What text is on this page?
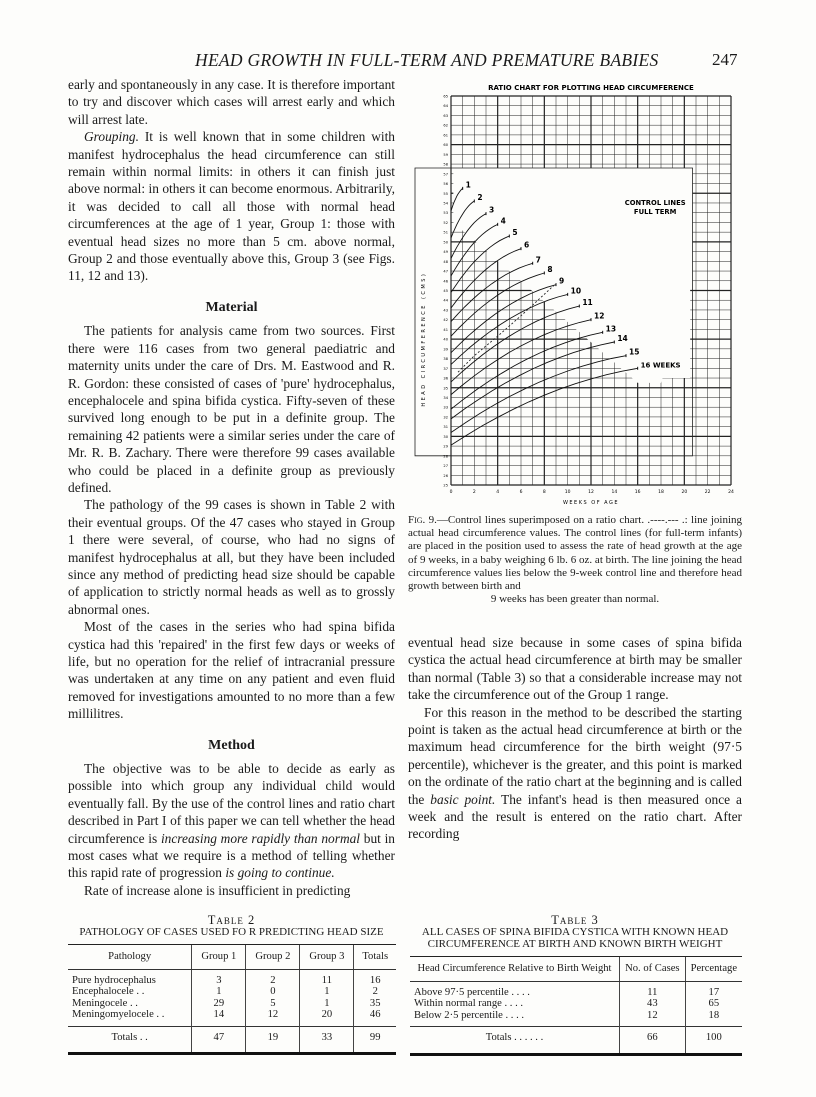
HEAD GROWTH IN FULL-TERM AND PREMATURE BABIES	247

early and spontaneously in any case. It is therefore important to try and discover which cases will arrest early and which will arrest late.

Grouping. It is well known that in some children with manifest hydrocephalus the head circumference can still remain within normal limits: in others it can finish just above normal: in others it can become enormous. Arbitrarily, it was decided to call all those with normal head circumferences at the age of 1 year, Group 1: those with eventual head sizes no more than 5 cm. above normal, Group 2 and those eventually above this, Group 3 (see Figs. 11, 12 and 13).

Material

The patients for analysis came from two sources. First there were 116 cases from two general paediatric and maternity units under the care of Drs. M. Eastwood and R. R. Gordon: these consisted of cases of 'pure' hydrocephalus, encephalocele and spina bifida cystica. Fifty-seven of these survived long enough to be put in a definite group. The remaining 42 patients were a similar series under the care of Mr. R. B. Zachary. There were therefore 99 cases available who could be placed in a definite group as previously defined.

The pathology of the 99 cases is shown in Table 2 with their eventual groups. Of the 47 cases who stayed in Group 1 there were several, of course, who had no signs of manifest hydrocephalus at all, but they have been included since any method of predicting head size should be capable of application to strictly normal heads as well as to grossly abnormal ones.

Most of the cases in the series who had spina bifida cystica had this 'repaired' in the first few days or weeks of life, but no operation for the relief of intracranial pressure was undertaken at any time on any patient and even fluid removed for investigations amounted to no more than a few millilitres.

Method

The objective was to be able to decide as early as possible into which group any individual child would eventually fall. By the use of the control lines and ratio chart described in Part I of this paper we can tell whether the head circumference is increasing more rapidly than normal but in most cases what we require is a method of telling whether this rapid rate of progression is going to continue.

Rate of increase alone is insufficient in predicting

RATIO CHART FOR PLOTTING HEAD CIRCUMFERENCE
0	2	4	6	8	10	12	14	16	18	20	22	24
25
26
27
28
29
30
31
32
33
34
35
36
37
38
39
40
41
42
43
44
45
46
47
48
49
50
51
52
53
54
55
56
57
58
59
60
61
62
63
64
65
WEEKS OF AGE
HEAD CIRCUMFERENCE (CMS)
1
2
3
4
5
6
7
8
9
10
11
12
13
14
15
16 WEEKS
CONTROL LINES
FULL TERM
Fig. 9.—Control lines superimposed on a ratio chart. .----.--- .: line joining actual head circumference values. The control lines (for full-term infants) are placed in the position used to assess the rate of head growth at the age of 9 weeks, in a baby weighing 6 lb. 6 oz. at birth. The line joining the head circumference values lies below the 9-week control line and therefore head growth between birth and
9 weeks has been greater than normal.

eventual head size because in some cases of spina bifida cystica the actual head circumference at birth may be smaller than normal (Table 3) so that a considerable increase may not take the circumference out of the Group 1 range.

For this reason in the method to be described the starting point is taken as the actual head circumference at birth or the maximum head circumference for the birth weight (97·5 percentile), whichever is the greater, and this point is marked on the ordinate of the ratio chart at the beginning and is called the basic point. The infant's head is then measured once a week and the result is entered on the ratio chart. After recording

Table 2
PATHOLOGY OF CASES USED FO R PREDICTING HEAD SIZE
Pathology	Group 1	Group 2	Group 3	Totals
Pure hydrocephalus	3	2	11	16
Encephalocele . .	1	0	1	2
Meningocele . .	29	5	1	35
Meningomyelocele . .	14	12	20	46
Totals . .	47	19	33	99
Table 3
ALL CASES OF SPINA BIFIDA CYSTICA WITH KNOWN HEAD CIRCUMFERENCE AT BIRTH AND KNOWN BIRTH WEIGHT
Head Circumference Relative to Birth Weight	No. of Cases	Percentage
Above 97·5 percentile . . . .	11	17
Within normal range . . . .	43	65
Below 2·5 percentile . . . .	12	18
Totals . . . . . .	66	100
